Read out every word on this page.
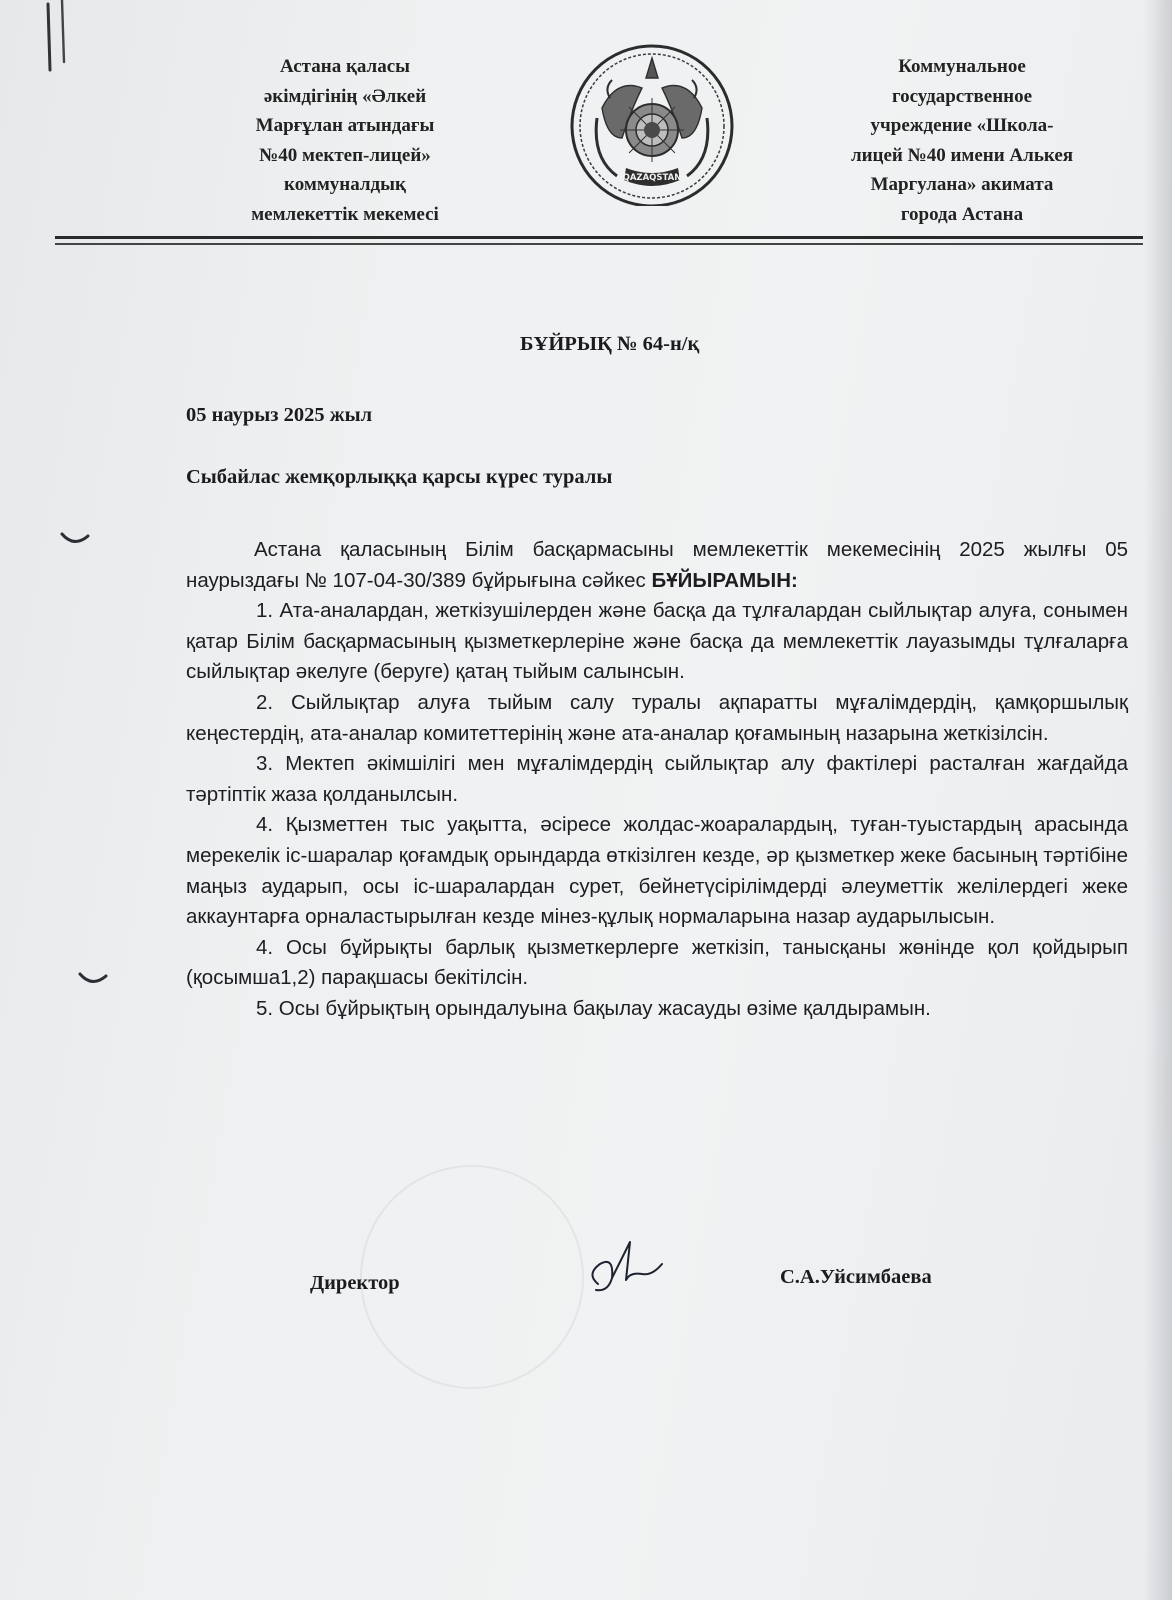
Астана қаласы
әкімдігінің «Әлкей
Марғұлан атындағы
№40 мектеп-лицей»
коммуналдық
мемлекеттік мекемесі
QAZAQSTAN
Коммунальное
государственное
учреждение «Школа-
лицей №40 имени Алькея
Маргулана» акимата
города Астана
БҰЙРЫҚ № 64-н/қ
05 наурыз 2025 жыл
Сыбайлас жемқорлыққа қарсы күрес туралы

Астана қаласының Білім басқармасыны мемлекеттік мекемесінің 2025 жылғы 05 наурыздағы № 107-04-30/389 бұйрығына сәйкес БҰЙЫРАМЫН:

1. Ата-аналардан, жеткізушілерден және басқа да тұлғалардан сыйлықтар алуға, сонымен қатар Білім басқармасының қызметкерлеріне және басқа да мемлекеттік лауазымды тұлғаларға сыйлықтар әкелуге (беруге) қатаң тыйым салынсын.

2. Сыйлықтар алуға тыйым салу туралы ақпаратты мұғалімдердің, қамқоршылық кеңестердің, ата-аналар комитеттерінің және ата-аналар қоғамының назарына жеткізілсін.

3. Мектеп әкімшілігі мен мұғалімдердің сыйлықтар алу фактілері расталған жағдайда тәртіптік жаза қолданылсын.

4. Қызметтен тыс уақытта, әсіресе жолдас-жоаралардың, туған-туыстардың арасында мерекелік іс-шаралар қоғамдық орындарда өткізілген кезде, әр қызметкер жеке басының тәртібіне маңыз аударып, осы іс-шаралардан сурет, бейнетүсірілімдерді әлеуметтік желілердегі жеке аккаунтарға орналастырылған кезде мінез-құлық нормаларына назар аударылысын.

4. Осы бұйрықты барлық қызметкерлерге жеткізіп, танысқаны жөнінде қол қойдырып (қосымша1,2) парақшасы бекітілсін.

5. Осы бұйрықтың орындалуына бақылау жасауды өзіме қалдырамын.

Директор	С.А.Уйсимбаева
